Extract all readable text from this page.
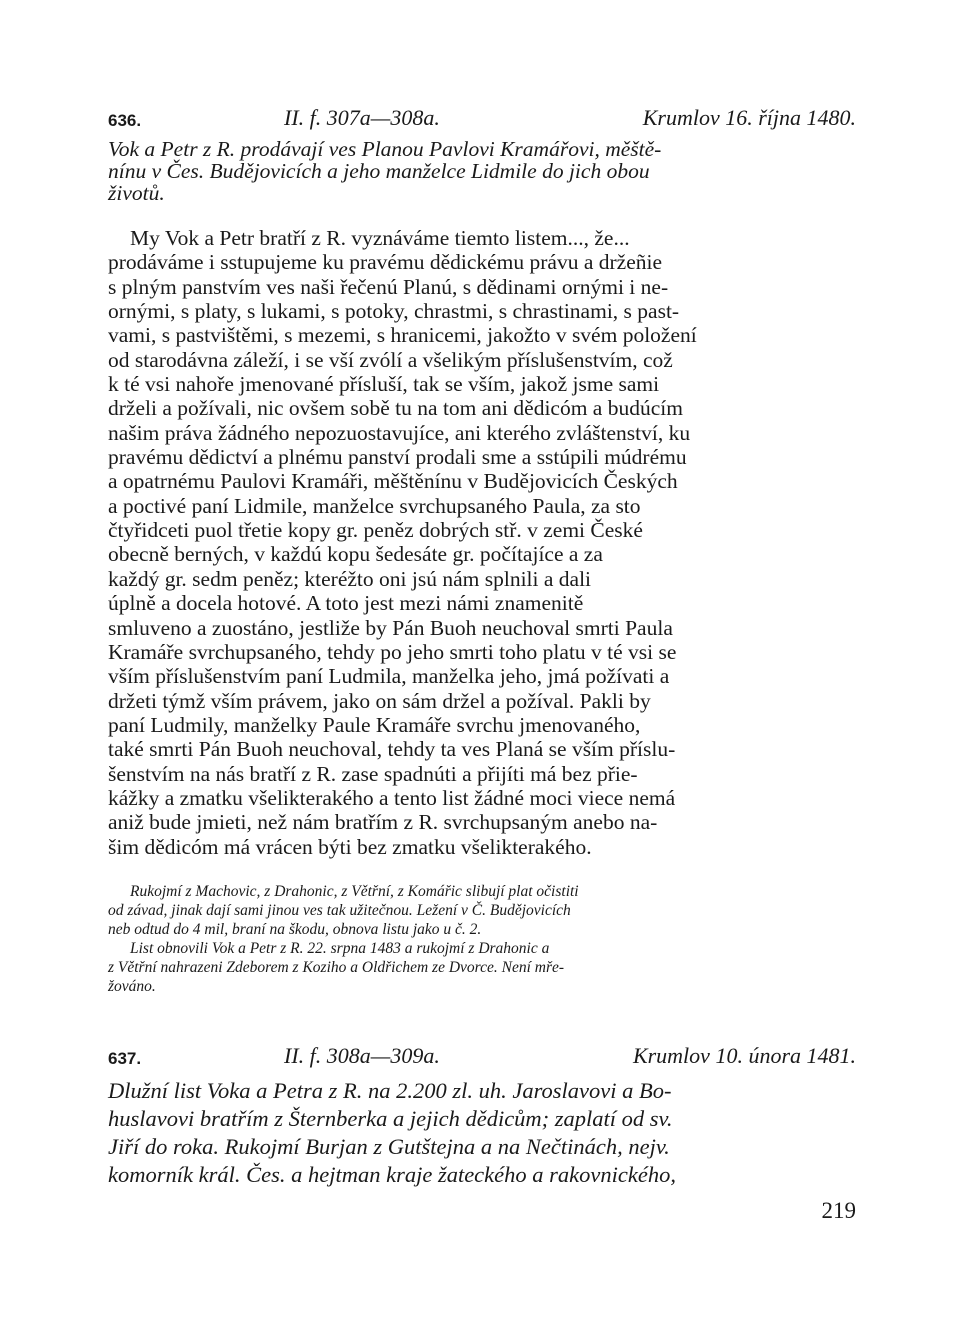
636.	II. f. 307a—308a.	Krumlov 16. října 1480.
Vok a Petr z R. prodávají ves Planou Pavlovi Kramářovi, měště-
nínu v Čes. Budějovicích a jeho manželce Lidmile do jich obou
životů.
My Vok a Petr bratří z R. vyznáváme tiemto listem..., že...
prodáváme i sstupujeme ku pravému dědickému právu a držeñie
s plným panstvím ves naši řečenú Planú, s dědinami ornými i ne-
ornými, s platy, s lukami, s potoky, chrastmi, s chrastinami, s past-
vami, s pastvištěmi, s mezemi, s hranicemi, jakožto v svém položení
od starodávna záleží, i se vší zvólí a všelikým příslušenstvím, což
k té vsi nahoře jmenované přísluší, tak se vším, jakož jsme sami
drželi a požívali, nic ovšem sobě tu na tom ani dědicóm a budúcím
našim práva žádného nepozuostavujíce, ani kterého zvláštenství, ku
pravému dědictví a plnému panství prodali sme a sstúpili múdrému
a opatrnému Paulovi Kramáři, měštěnínu v Budějovicích Českých
a poctivé paní Lidmile, manželce svrchupsaného Paula, za sto
čtyřidceti puol třetie kopy gr. peněz dobrých stř. v zemi České
obecně berných, v každú kopu šedesáte gr. počítajíce a za
každý gr. sedm peněz; kteréžto oni jsú nám splnili a dali
úplně a docela hotové. A toto jest mezi námi znamenitě
smluveno a zuostáno, jestliže by Pán Buoh neuchoval smrti Paula
Kramáře svrchupsaného, tehdy po jeho smrti toho platu v té vsi se
vším příslušenstvím paní Ludmila, manželka jeho, jmá požívati a
držeti týmž vším právem, jako on sám držel a požíval. Pakli by
paní Ludmily, manželky Paule Kramáře svrchu jmenovaného,
také smrti Pán Buoh neuchoval, tehdy ta ves Planá se vším příslu-
šenstvím na nás bratří z R. zase spadnúti a přijíti má bez přie-
kážky a zmatku všelikterakého a tento list žádné moci viece nemá
aniž bude jmieti, než nám bratřím z R. svrchupsaným anebo na-
šim dědicóm má vrácen býti bez zmatku všelikterakého.
Rukojmí z Machovic, z Drahonic, z Větřní, z Komářic slibují plat očistiti
od závad, jinak dají sami jinou ves tak užitečnou. Ležení v Č. Budějovicích
neb odtud do 4 mil, braní na škodu, obnova listu jako u č. 2.
List obnovili Vok a Petr z R. 22. srpna 1483 a rukojmí z Drahonic a
z Větřní nahrazeni Zdeborem z Koziho a Oldřichem ze Dvorce. Není mře-
žováno.
637.	II. f. 308a—309a.	Krumlov 10. února 1481.
Dlužní list Voka a Petra z R. na 2.200 zl. uh. Jaroslavovi a Bo-
huslavovi bratřím z Šternberka a jejich dědicům; zaplatí od sv.
Jiří do roka. Rukojmí Burjan z Gutštejna a na Nečtinách, nejv.
komorník král. Čes. a hejtman kraje žateckého a rakovnického,
219
